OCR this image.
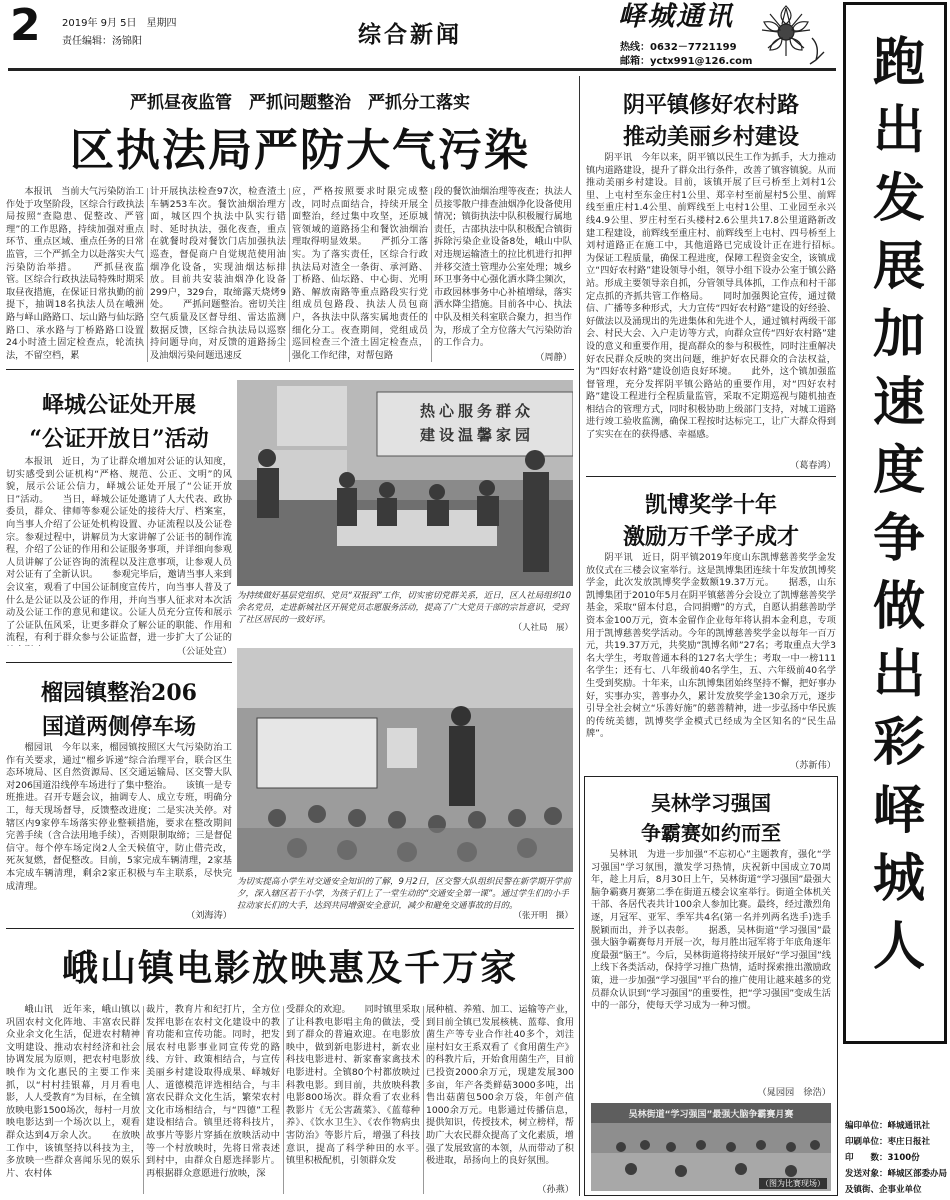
2 2019年 9月 5日　星期四
责任编辑：汤锦阳	综合新闻
峄城通讯
热线：0632－7721199
邮箱：yctx991@126.com 跑出发展加速度 争做出彩峄城人
编印单位：峄城通讯社
印刷单位：枣庄日报社
印　　数：3100份
发送对象：峄城区部委办局
及镇街、企事业单位
严抓昼夜监管　严抓问题整治　严抓分工落实
区执法局严防大气污染
本报讯　当前大气污染防治工作处于攻坚阶段，区综合行政执法局按照“查隐患、促整改、严管理”的工作思路，持续加强对重点环节、重点区域、重点任务的日常监管，三个严抓全力以赴落实大气污染防治举措。　　严抓昼夜监管。区综合行政执法局特殊时期采取昼夜措施，在保证日常执勤的前提下，抽调18名执法人员在峨洲路与峄山路路口、坛山路与仙坛路路口、承水路与丁桥路路口设置24小时渣土固定检查点，轮流执法，不留空档，累
计开展执法检查97次，检查渣土车辆253车次。餐饮油烟治理方面，城区四个执法中队实行错时、延时执法，强化夜查，重点在就餐时段对餐饮门店加强执法巡查，督促商户自觉规范使用油烟净化设备，实现油烟达标排放。目前共安装油烟净化设备299户，329台，取缔露天烧烤9处。　　严抓问题整治。密切关注空气质量及区督导组、雷达监测数据反馈，区综合执法局以巡察持问题导向，对反馈的道路扬尘及油烟污染问题迅速反
应，严格按照要求时限完成整改，同时点面结合，持续开展全面整治，经过集中攻坚，还原城管领域的道路扬尘和餐饮油烟治理取得明显效果。　　严抓分工落实。为了落实责任，区综合行政执法局对渣全一条街、承河路、丁桥路、仙坛路、中心街、光明路、解放南路等重点路段实行党组成员包路段、执法人员包商户，各执法中队落实属地责任的细化分工。夜查期间，党组成员巡回检查三个渣土固定检查点，强化工作纪律，对帮包路
段的餐饮油烟治理等夜查；执法人员接零散户排查油烟净化设备使用情况；镇街执法中队积极履行属地责任，古邵执法中队积极配合镇街拆除污染企业设备8处，峨山中队对违规运输渣土的拉比机进行扣押并移交渣土管理办公室处理；城乡环卫事务中心强化洒水降尘频次，市政园林事务中心补植增绿，落实洒水降尘措施。目前各中心、执法中队及相关科室联合聚力，担当作为，形成了全方位落大气污染防治的工作合力。
（周静）
峄城公证处开展
“公证开放日”活动
本报讯　近日，为了让群众增加对公证的认知度，切实感受到公证机构“严格、规范、公正、文明”的风貌，展示公证公信力，峄城公证处开展了“公证开放日”活动。　　当日，峄城公证处邀请了人大代表、政协委员，群众、律师等参观公证处的接待大厅、档案室，向当事人介绍了公证处机构设置、办证流程以及公证卷宗。参观过程中，讲解员为大家讲解了公证书的制作流程，介绍了公证的作用和公证服务事项，并详细向参观人员讲解了公证咨询的流程以及注意事项，让参观人员对公证有了全新认识。　　参观完毕后，邀请当事人来到会议室，观看了中国公证制度宣传片，向当事人普及了什么是公证以及公证的作用，并向当事人征求对本次活动及公证工作的意见和建议。公证人员充分宣传和展示了公证队伍风采，让更多群众了解公证的职能、作用和流程，有利于群众参与公证监督，进一步扩大了公证的
（公证处宣）
热心服务群众
建设温馨家园
为持续做好基层党组织、党员“双报到”工作，切实密切党群关系，近日，区人社局组织10余名党员，走进新城社区开展党员志愿服务活动，提高了广大党员干部的宗旨意识，受到了社区居民的一致好评。
（人社局　展）
榴园镇整治206
国道两侧停车场
榴园讯　今年以来，榴园镇按照区大气污染防治工作有关要求，通过“榴乡诉递”综合治理平台，联合区生态环境局、区自然资源局、区交通运输局、区交警大队对206国道沿线停车场进行了集中整治。　　该镇一是专班推进。召开专题会议，抽调专人、成立专班，明确分工，每天现场督导，反馈整改进度；二是实决关停。对辖区内9家停车场落实停业整顿措施，要求在整改期间完善手续（含合法用地手续），否则限制取缔；三是督促信守。每个停车场定岗2人全天候值守，防止借壳改，死灰复燃，督促整改。目前，5家完成车辆清理，2家基本完成车辆清理，剩余2家正积极与车主联系，尽快完成清理。
（刘海涛）
为切实提高小学生对交通安全知识的了解，9月2日，区交警大队组织民警在新学期开学前夕，深入辖区若干小学，为孩子们上了一堂生动的“交通安全第一课”。通过学生们的小手拉动家长们的大手，达到共同增强安全意识，减少和避免交通事故的目的。
（张开明　摄）
峨山镇电影放映惠及千万家
峨山讯　近年来，峨山镇以巩固农村文化阵地、丰富农民群众业余文化生活，促进农村精神文明建设、推动农村经济和社会协调发展为原则，把农村电影放映作为文化惠民的主要工作来抓，以“村村挂银幕，月月看电影，人人受教育”为目标，在全镇放映电影1500场次，每村一月放映电影达到一个场次以上，观看群众达到4万余人次。　　在放映工作中，该镇坚持以科技为主，多放映一些群众喜闻乐见的娱乐片、农村体
裁片，教育片和纪打片，全方位发挥电影在农村文化建设中的教育功能和宣传功能。同时，把发展农村电影事业同宣传党的路线、方针、政策相结合，与宣传美丽乡村建设取得成果、峄城好人、道德模范评选相结合，与丰富农民群众文化生活，繁荣农村文化市场相结合，与“四德”工程建设相结合。镇里还将科技片，故事片等影片穿插在放映活动中等一个村放映时，先将日常表述到村中，由群众自愿选择影片。再根据群众意愿进行放映，深
受群众的欢迎。　　同时镇里采取了让科教电影唱主角的做法，受到了群众的普遍欢迎。在电影放映中，做到新电影进村，新农业科技电影进村、新家畜家禽技术电影进村。全镇80个村都放映过科教电影。到目前，共放映科教电影800场次。群众看了农业科教影片《无公害蔬菜》、《蓝莓种养》、《饮水卫生》、《农作物病虫害防治》等影片后，增强了科技意识，提高了科学种田的水平。　　镇里积极配机，引领群众发
展种植、养殖、加工、运输等产业，到目前全镇已发展核桃、蓝莓、食用菌生产等专业合作社40多个，刘洼崖村妇女王系双看了《食用菌生产》的科教片后，开始食用菌生产，目前已投资2000余万元，现建发展300多亩，年产各类鲜菇3000多吨，出售出菇菌包500余万袋，年创产值1000余万元。电影通过传播信息，提供知识，传授技术，树立榜样，帮助广大农民群众提高了文化素质，增强了发展致富的本领，从而带动了积极进取，昂扬向上的良好氛围。
（孙燕）
阴平镇修好农村路
推动美丽乡村建设
阴平讯　今年以来，阴平镇以民生工作为抓手，大力推动镇内道路建设，提升了群众出行条件，改善了镇容镇貌。从而推动美丽乡村建设。目前，该镇开展了巨弓桥至上刘村1公里、上屯村至东金庄村1公里、郑辛村至前屋村5公里、前辉线至重庄村1.4公里、前辉线至上屯村1公里、工业园至永兴线4.9公里、罗庄村至石头楼村2.6公里共17.8公里道路新改建工程建设，前辉线至重庄村、前辉线至上屯村、四号桥至上刘村道路正在施工中，其他道路已完成设计正在进行招标。　　为保证工程质量，确保工程进度，保障工程资金安全，该镇成立“四好农村路”建设领导小组，领导小组下设办公室于镇公路站。形成主要领导亲自抓，分管领导具体抓，工作点和村干部定点抓的齐抓共管工作格局。　　同时加强舆论宣传，通过微信、广播等多种形式，大力宣传“四好农村路”建设的好经验、好做法以及涌现出的先进集体和先进个人，通过镇村两级干部会、村民大会、入户走访等方式，向群众宣传“四好农村路”建设的意义和重要作用，提高群众的参与积极性，同时注重解决好农民群众反映的突出问题，维护好农民群众的合法权益，为“四好农村路”建设创造良好环境。　　此外，这个镇加强监督管理，充分发挥阴平镇公路站的重要作用，对“四好农村路”建设工程进行全程质量监管，采取不定期巡视与随机抽查相结合的管理方式，同时积极协助上级部门支持，对城工道路进行竣工验收监测，确保工程按时达标完工，让广大群众得到了实实在在的获得感、幸福感。
（葛春鸿）
凯博奖学十年
激励万千学子成才
阴平讯　近日，阴平镇2019年度山东凯博慈善奖学金发放仪式在三楼会议室举行。这是凯博集团连续十年发放凯博奖学金，此次发放凯博奖学金数额19.37万元。　　据悉，山东凯博集团于2010年5月在阴平镇慈善分会设立了凯博慈善奖学基金，采取“留本付息，合同捐赠”的方式，自愿认捐慈善助学资本金100万元，资本金留作企业每年将认捐本金利息，专项用于凯博慈善奖学活动。今年的凯博慈善奖学金以每年一百万元，共19.37万元，共奖励“凯博名师”27名；考取重点大学3名大学生，考取普通本科的127名大学生；考取一中一榜111名学生；还有七、八年级前40名学生，五、六年级前40名学生受到奖励。十年来，山东凯博集团始终坚持不懈，把好事办好，实事办实，善事办久，累计发放奖学金130余万元，逐步引导全社会树立“乐善好施”的慈善精神，进一步弘扬中华民族的传统美德，凯博奖学金模式已经成为全区知名的“民生品牌”。
（苏新伟）
吴林学习强国
争霸赛如约而至
吴林讯　为进一步加强“不忘初心”主题教育，强化“学习强国”学习氛围，激发学习热情，庆祝新中国成立70周年，趁上月后，8月30日上午，吴林街道“学习强国”最强大脑争霸赛月赛第二季在街道五楼会议室举行。街道全体机关干部、各居代表共计100余人参加比赛。最终，经过激烈角逐，月冠军、亚军、季军共4名(第一名并列两名选手)选手脱颖而出，并予以表彰。　　据悉，吴林街道“学习强国”最强大脑争霸赛每月开展一次，每月胜出冠军将于年底角逐年度最强“脑王”。今后，吴林街道将持续开展好“学习强国”线上线下各类活动，保持学习推广热情，适时探索推出激励政策，进一步加强“学习强国”平台的推广使用让越来越多的党员群众认识到“学习强国”的重要性，把“学习强国”变成生活中的一部分，使每天学习成为一种习惯。
（晁园园　徐浩）
吴林街道“学习强国”最强大脑争霸赛月赛
（图为比赛现场）
